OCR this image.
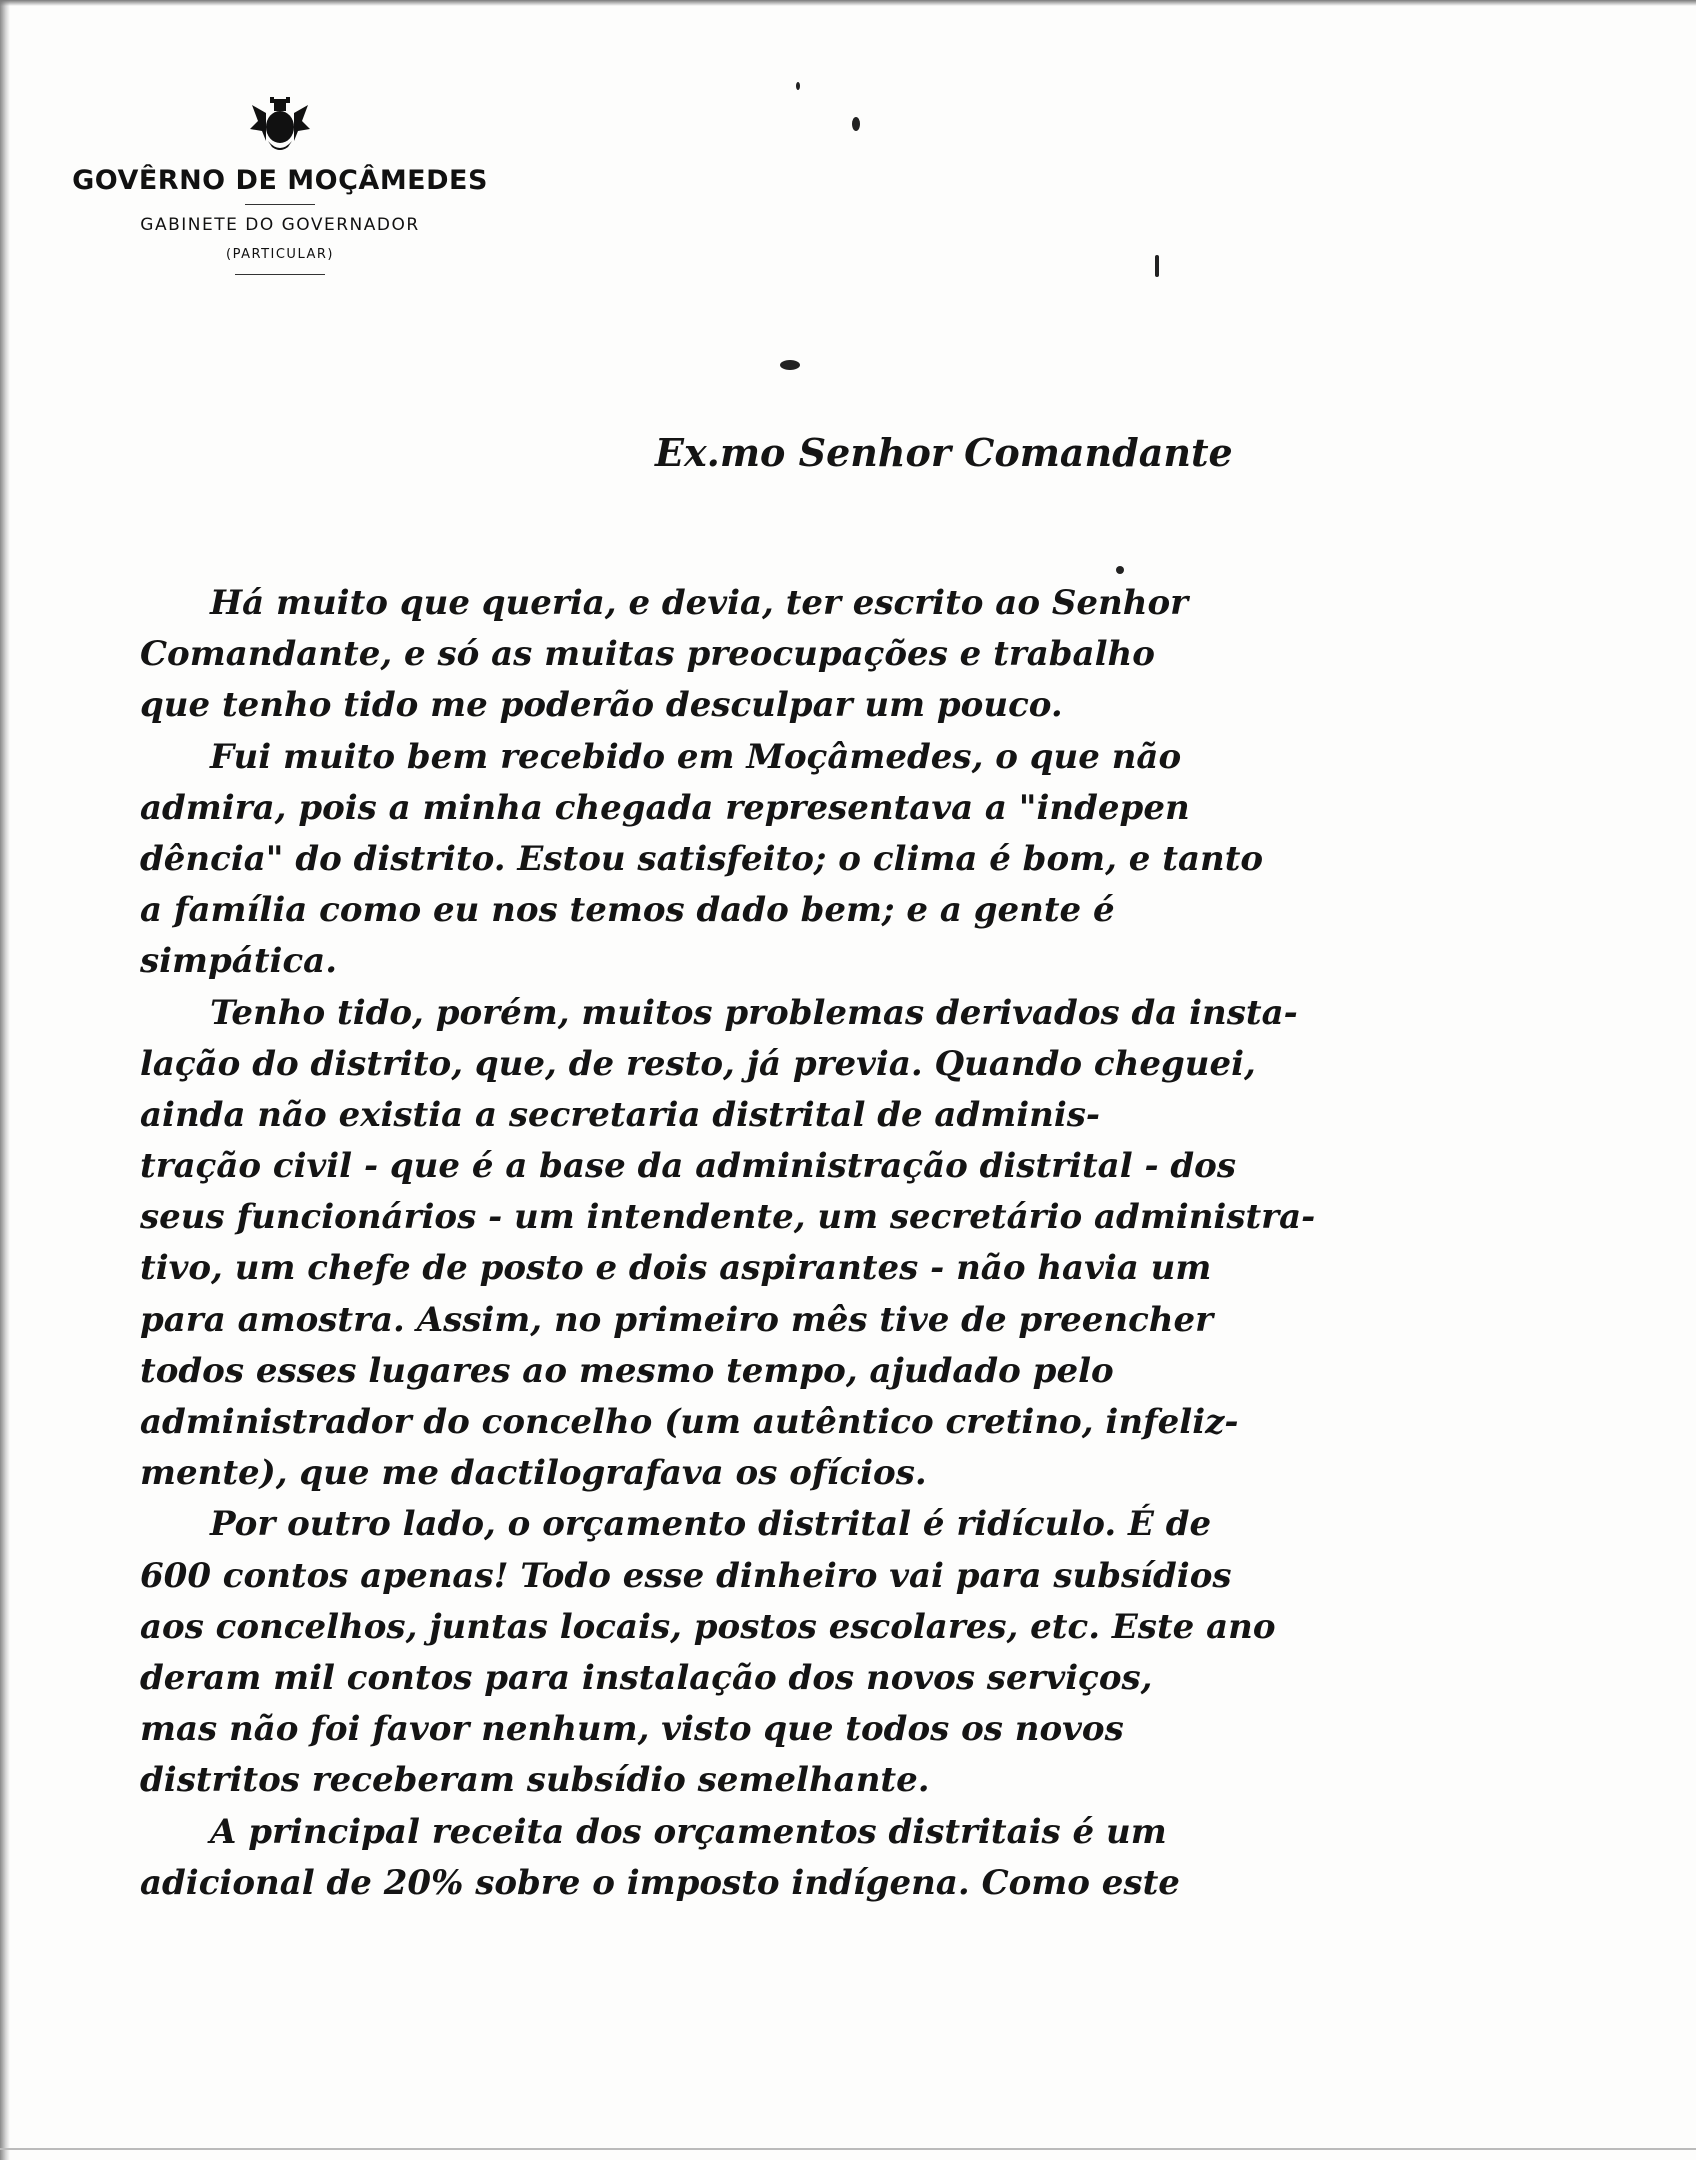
GOVÊRNO DE MOÇÂMEDES
GABINETE DO GOVERNADOR
(PARTICULAR)
Ex.mo Senhor Comandante
Há muito que queria, e devia, ter escrito ao Senhor
Comandante, e só as muitas preocupações e trabalho
que tenho tido me poderão desculpar um pouco.
Fui muito bem recebido em Moçâmedes, o que não
admira, pois a minha chegada representava a "indepen
dência" do distrito. Estou satisfeito; o clima é bom, e tanto
a família como eu nos temos dado bem; e a gente é
simpática.
Tenho tido, porém, muitos problemas derivados da insta-
lação do distrito, que, de resto, já previa. Quando cheguei,
ainda não existia a secretaria distrital de adminis-
tração civil - que é a base da administração distrital - dos
seus funcionários - um intendente, um secretário administra-
tivo, um chefe de posto e dois aspirantes - não havia um
para amostra. Assim, no primeiro mês tive de preencher
todos esses lugares ao mesmo tempo, ajudado pelo
administrador do concelho (um autêntico cretino, infeliz-
mente), que me dactilografava os ofícios.
Por outro lado, o orçamento distrital é ridículo. É de
600 contos apenas! Todo esse dinheiro vai para subsídios
aos concelhos, juntas locais, postos escolares, etc. Este ano
deram mil contos para instalação dos novos serviços,
mas não foi favor nenhum, visto que todos os novos
distritos receberam subsídio semelhante.
A principal receita dos orçamentos distritais é um
adicional de 20% sobre o imposto indígena. Como este
